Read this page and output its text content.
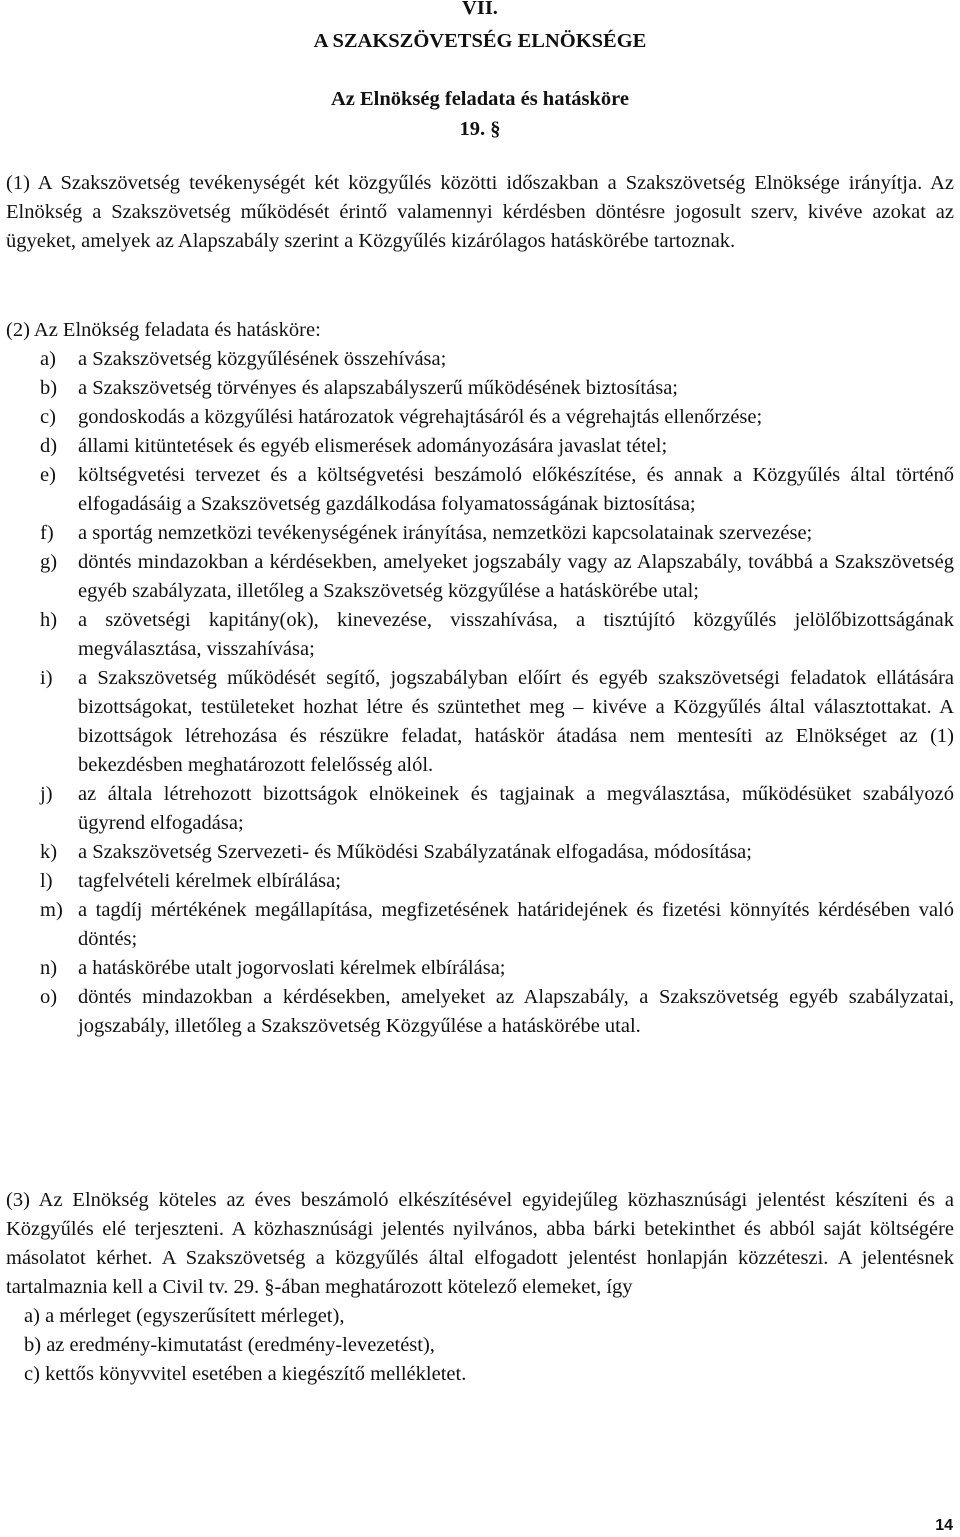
VII.
A SZAKSZÖVETSÉG ELNÖKSÉGE
Az Elnökség feladata és hatásköre
19. §
(1) A Szakszövetség tevékenységét két közgyűlés közötti időszakban a Szakszövetség Elnöksége irányítja. Az Elnökség a Szakszövetség működését érintő valamennyi kérdésben döntésre jogosult szerv, kivéve azokat az ügyeket, amelyek az Alapszabály szerint a Közgyűlés kizárólagos hatáskörébe tartoznak.
(2) Az Elnökség feladata és hatásköre:
a) a Szakszövetség közgyűlésének összehívása;
b) a Szakszövetség törvényes és alapszabályszerű működésének biztosítása;
c) gondoskodás a közgyűlési határozatok végrehajtásáról és a végrehajtás ellenőrzése;
d) állami kitüntetések és egyéb elismerések adományozására javaslat tétel;
e) költségvetési tervezet és a költségvetési beszámoló előkészítése, és annak a Közgyűlés által történő elfogadásáig a Szakszövetség gazdálkodása folyamatosságának biztosítása;
f) a sportág nemzetközi tevékenységének irányítása, nemzetközi kapcsolatainak szervezése;
g) döntés mindazokban a kérdésekben, amelyeket jogszabály vagy az Alapszabály, továbbá a Szakszövetség egyéb szabályzata, illetőleg a Szakszövetség közgyűlése a hatáskörébe utal;
h) a szövetségi kapitány(ok), kinevezése, visszahívása, a tisztújító közgyűlés jelölőbizottságának megválasztása, visszahívása;
i) a Szakszövetség működését segítő, jogszabályban előírt és egyéb szakszövetségi feladatok ellátására bizottságokat, testületeket hozhat létre és szüntethet meg – kivéve a Közgyűlés által választottakat. A bizottságok létrehozása és részükre feladat, hatáskör átadása nem mentesíti az Elnökséget az (1) bekezdésben meghatározott felelősség alól.
j) az általa létrehozott bizottságok elnökeinek és tagjainak a megválasztása, működésüket szabályozó ügyrend elfogadása;
k) a Szakszövetség Szervezeti- és Működési Szabályzatának elfogadása, módosítása;
l) tagfelvételi kérelmek elbírálása;
m) a tagdíj mértékének megállapítása, megfizetésének határidejének és fizetési könnyítés kérdésében való döntés;
n) a hatáskörébe utalt jogorvoslati kérelmek elbírálása;
o) döntés mindazokban a kérdésekben, amelyeket az Alapszabály, a Szakszövetség egyéb szabályzatai, jogszabály, illetőleg a Szakszövetség Közgyűlése a hatáskörébe utal.
(3) Az Elnökség köteles az éves beszámoló elkészítésével egyidejűleg közhasznúsági jelentést készíteni és a Közgyűlés elé terjeszteni. A közhasznúsági jelentés nyilvános, abba bárki betekinthet és abból saját költségére másolatot kérhet. A Szakszövetség a közgyűlés által elfogadott jelentést honlapján közzéteszi. A jelentésnek tartalmaznia kell a Civil tv. 29. §-ában meghatározott kötelező elemeket, így
a) a mérleget (egyszerűsített mérleget),
b) az eredmény-kimutatást (eredmény-levezetést),
c) kettős könyvvitel esetében a kiegészítő mellékletet.
14
